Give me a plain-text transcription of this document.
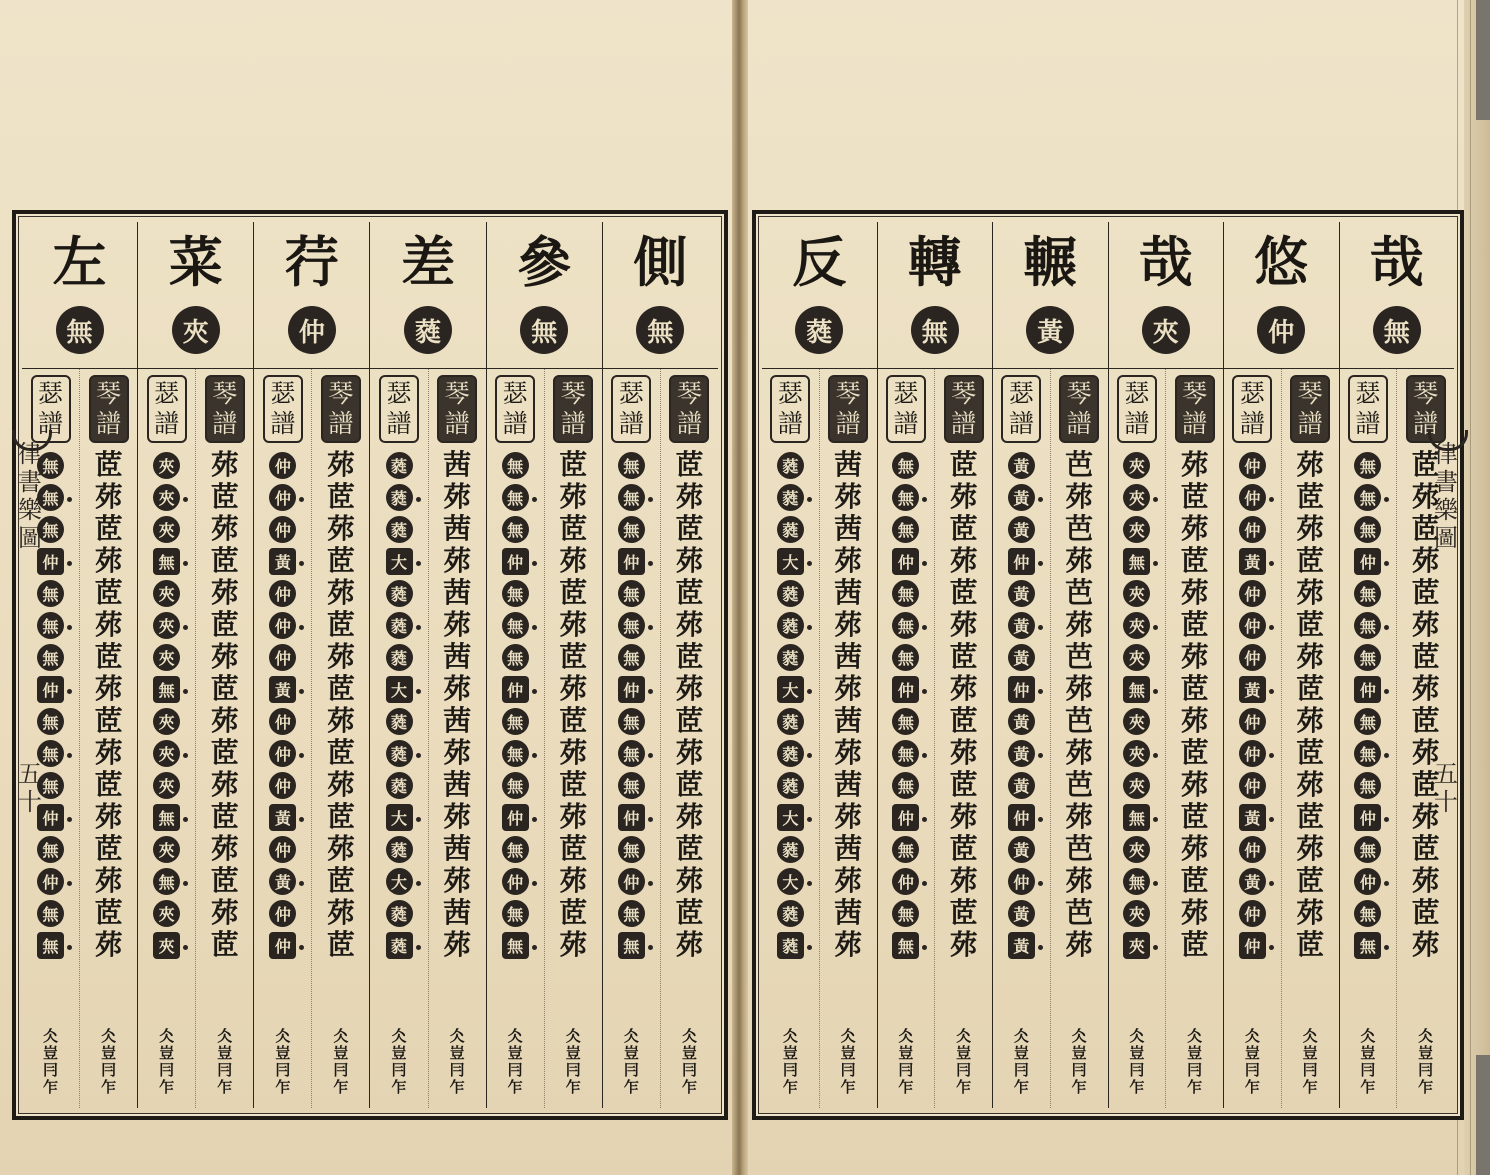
側
無
琴
譜
茝
茒
茝
茒
茝
茒
茝
茒
茝
茒
茝
茒
茝
茒
茝
茒
仌
豈
冃
乍
瑟
譜
無
無
無
仲
無
無
無
仲
無
無
無
仲
無
仲
無
無
仌
豈
冃
乍
參
無
琴
譜
茝
茒
茝
茒
茝
茒
茝
茒
茝
茒
茝
茒
茝
茒
茝
茒
仌
豈
冃
乍
瑟
譜
無
無
無
仲
無
無
無
仲
無
無
無
仲
無
仲
無
無
仌
豈
冃
乍
差
蕤
琴
譜
茜
茒
茜
茒
茜
茒
茜
茒
茜
茒
茜
茒
茜
茒
茜
茒
仌
豈
冃
乍
瑟
譜
蕤
蕤
蕤
大
蕤
蕤
蕤
大
蕤
蕤
蕤
大
蕤
大
蕤
蕤
仌
豈
冃
乍
荇
仲
琴
譜
茒
茝
茒
茝
茒
茝
茒
茝
茒
茝
茒
茝
茒
茝
茒
茝
仌
豈
冃
乍
瑟
譜
仲
仲
仲
黃
仲
仲
仲
黃
仲
仲
仲
黃
仲
黃
仲
仲
仌
豈
冃
乍
菜
夾
琴
譜
茒
茝
茒
茝
茒
茝
茒
茝
茒
茝
茒
茝
茒
茝
茒
茝
仌
豈
冃
乍
瑟
譜
夾
夾
夾
無
夾
夾
夾
無
夾
夾
夾
無
夾
無
夾
夾
仌
豈
冃
乍
左
無
琴
譜
茝
茒
茝
茒
茝
茒
茝
茒
茝
茒
茝
茒
茝
茒
茝
茒
仌
豈
冃
乍
瑟
譜
無
無
無
仲
無
無
無
仲
無
無
無
仲
無
仲
無
無
仌
豈
冃
乍
哉
無
琴
譜
茝
茒
茝
茒
茝
茒
茝
茒
茝
茒
茝
茒
茝
茒
茝
茒
仌
豈
冃
乍
瑟
譜
無
無
無
仲
無
無
無
仲
無
無
無
仲
無
仲
無
無
仌
豈
冃
乍
悠
仲
琴
譜
茒
茝
茒
茝
茒
茝
茒
茝
茒
茝
茒
茝
茒
茝
茒
茝
仌
豈
冃
乍
瑟
譜
仲
仲
仲
黃
仲
仲
仲
黃
仲
仲
仲
黃
仲
黃
仲
仲
仌
豈
冃
乍
哉
夾
琴
譜
茒
茝
茒
茝
茒
茝
茒
茝
茒
茝
茒
茝
茒
茝
茒
茝
仌
豈
冃
乍
瑟
譜
夾
夾
夾
無
夾
夾
夾
無
夾
夾
夾
無
夾
無
夾
夾
仌
豈
冃
乍
輾
黃
琴
譜
芭
茒
芭
茒
芭
茒
芭
茒
芭
茒
芭
茒
芭
茒
芭
茒
仌
豈
冃
乍
瑟
譜
黃
黃
黃
仲
黃
黃
黃
仲
黃
黃
黃
仲
黃
仲
黃
黃
仌
豈
冃
乍
轉
無
琴
譜
茝
茒
茝
茒
茝
茒
茝
茒
茝
茒
茝
茒
茝
茒
茝
茒
仌
豈
冃
乍
瑟
譜
無
無
無
仲
無
無
無
仲
無
無
無
仲
無
仲
無
無
仌
豈
冃
乍
反
蕤
琴
譜
茜
茒
茜
茒
茜
茒
茜
茒
茜
茒
茜
茒
茜
茒
茜
茒
仌
豈
冃
乍
瑟
譜
蕤
蕤
蕤
大
蕤
蕤
蕤
大
蕤
蕤
蕤
大
蕤
大
蕤
蕤
仌
豈
冃
乍
律
書
樂
圖
五
十
律
書
樂
圖
五
十
